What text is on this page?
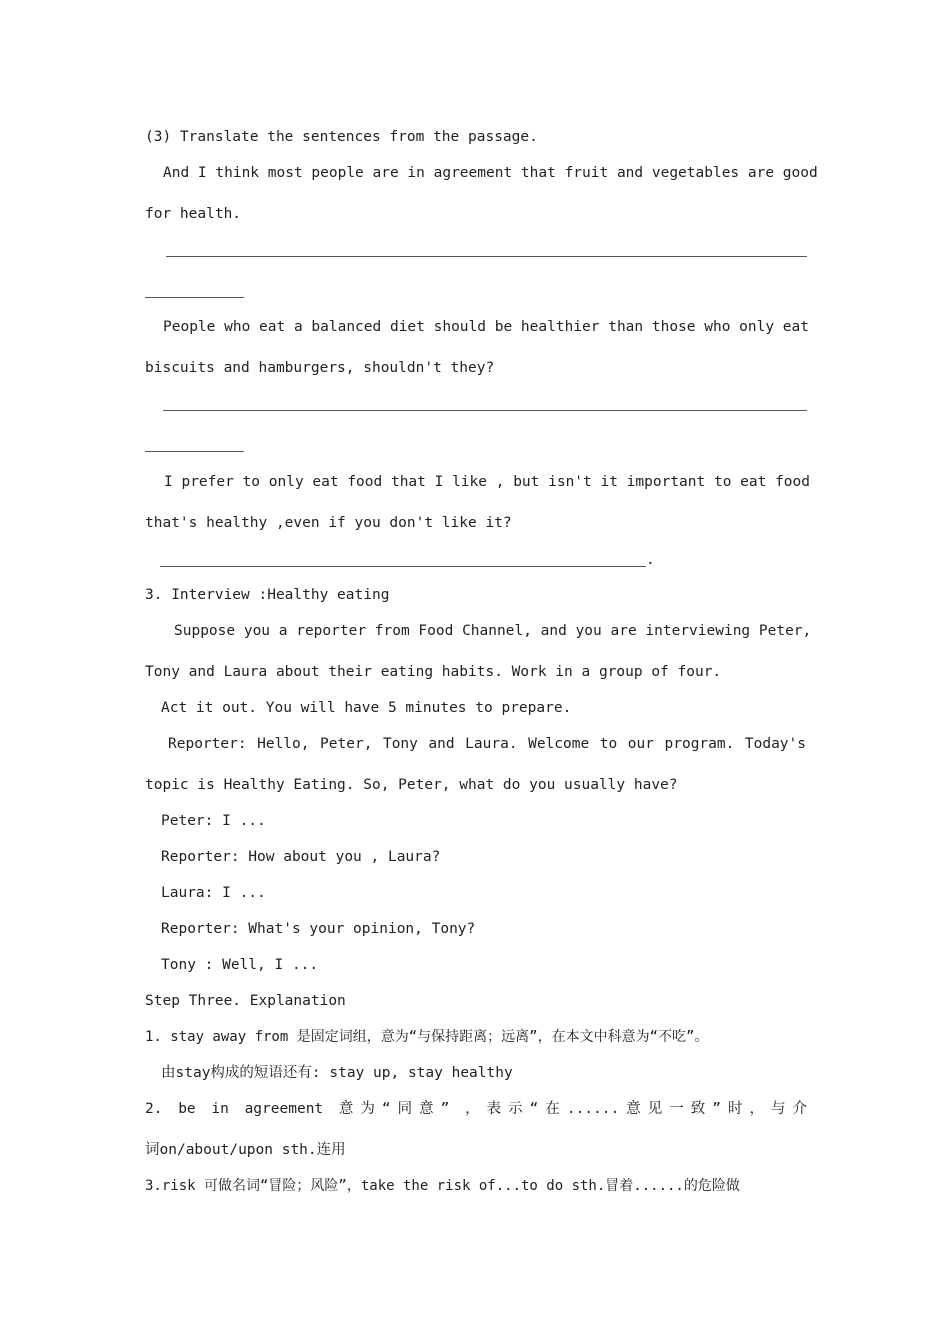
(3) Translate the sentences from the passage.
And I think most people are in agreement that fruit and vegetables are good
for health.
People who eat a balanced diet should be healthier than those who only eat
biscuits and hamburgers, shouldn't they?
I prefer to only eat food that I like , but isn't it important to eat food
that's healthy ,even if you don't like it?
.
3. Interview :Healthy eating
Suppose you a reporter from Food Channel, and you are interviewing Peter,
Tony and Laura about their eating habits. Work in a group of four.
Act it out. You will have 5 minutes to prepare.
Reporter: Hello, Peter, Tony and Laura. Welcome to our program. Today's
topic is Healthy Eating. So, Peter, what do you usually have?
Peter: I ...
Reporter: How about you , Laura?
Laura: I ...
Reporter: What's your opinion, Tony?
Tony : Well, I ...
Step Three. Explanation
1. stay away from 是固定词组，意为“与保持距离；远离”，在本文中科意为“不吃”。
由stay构成的短语还有: stay up, stay healthy
2. be in agreement 意为“同意” ，表示“在......意见一致”时，与介
词on/about/upon sth.连用
3.risk 可做名词“冒险；风险”，take the risk of...to do sth.冒着......的危险做
